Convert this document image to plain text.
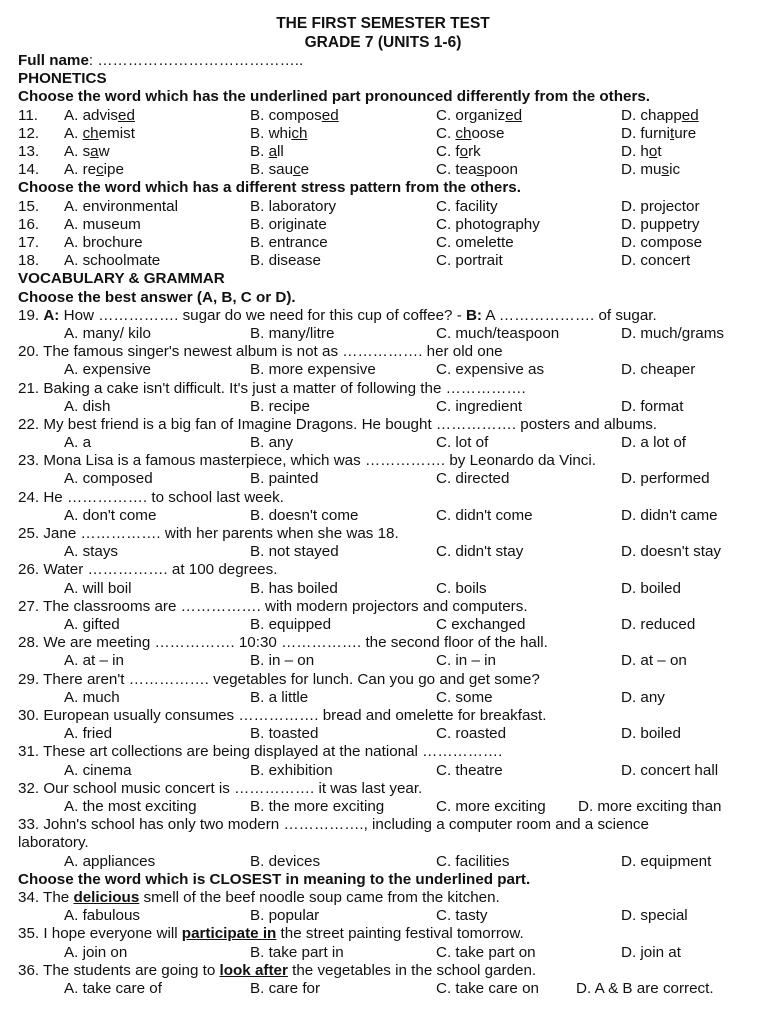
THE FIRST SEMESTER TEST
GRADE 7 (UNITS 1-6)
Full name: …………………………………..
PHONETICS
Choose the word which has the underlined part pronounced differently from the others.
11. A. advised	B. composed	C. organized	D. chapped
12. A. chemist	B. which	C. choose	D. furniture
13. A. saw	B. all	C. fork	D. hot
14. A. recipe	B. sauce	C. teaspoon	D. music
Choose the word which has a different stress pattern from the others.
15. A. environmental	B. laboratory	C. facility	D. projector
16. A. museum	B. originate	C. photography	D. puppetry
17. A. brochure	B. entrance	C. omelette	D. compose
18. A. schoolmate	B. disease	C. portrait	D. concert
VOCABULARY & GRAMMAR
Choose the best answer (A, B, C or D).
19. A: How ……………. sugar do we need for this cup of coffee? - B: A ………………. of sugar.
A. many/ kilo	B. many/litre	C. much/teaspoon	D. much/grams
20. The famous singer's newest album is not as ……………. her old one
A. expensive	B. more expensive	C. expensive as	D. cheaper
21. Baking a cake isn't difficult. It's just a matter of following the …………….
A. dish	B. recipe	C. ingredient	D. format
22. My best friend is a big fan of Imagine Dragons. He bought ……………. posters and albums.
A. a	B. any	C. lot of	D. a lot of
23. Mona Lisa is a famous masterpiece, which was ……………. by Leonardo da Vinci.
A. composed	B. painted	C. directed	D. performed
24. He ……………. to school last week.
A. don't come	B. doesn't come	C. didn't come	D. didn't came
25. Jane ……………. with her parents when she was 18.
A. stays	B. not stayed	C. didn't stay	D. doesn't stay
26. Water ……………. at 100 degrees.
A. will boil	B. has boiled	C. boils	D. boiled
27. The classrooms are ……………. with modern projectors and computers.
A. gifted	B. equipped	C exchanged	D. reduced
28. We are meeting ……………. 10:30 ……………. the second floor of the hall.
A. at – in	B. in – on	C. in – in	D. at – on
29. There aren't ……………. vegetables for lunch. Can you go and get some?
A. much	B. a little	C. some	D. any
30. European usually consumes ……………. bread and omelette for breakfast.
A. fried	B. toasted	C. roasted	D. boiled
31. These art collections are being displayed at the national …………….
A. cinema	B. exhibition	C. theatre	D. concert hall
32. Our school music concert is ……………. it was last year.
A. the most exciting	B. the more exciting	C. more exciting D. more exciting than
33. John's school has only two modern ……………., including a computer room and a science
laboratory.
A. appliances	B. devices	C. facilities	D. equipment
Choose the word which is CLOSEST in meaning to the underlined part.
34. The delicious smell of the beef noodle soup came from the kitchen.
A. fabulous	B. popular	C. tasty	D. special
35. I hope everyone will participate in the street painting festival tomorrow.
A. join on	B. take part in	C. take part on	D. join at
36. The students are going to look after the vegetables in the school garden.
A. take care of	B. care for	C. take care on D. A & B are correct.
